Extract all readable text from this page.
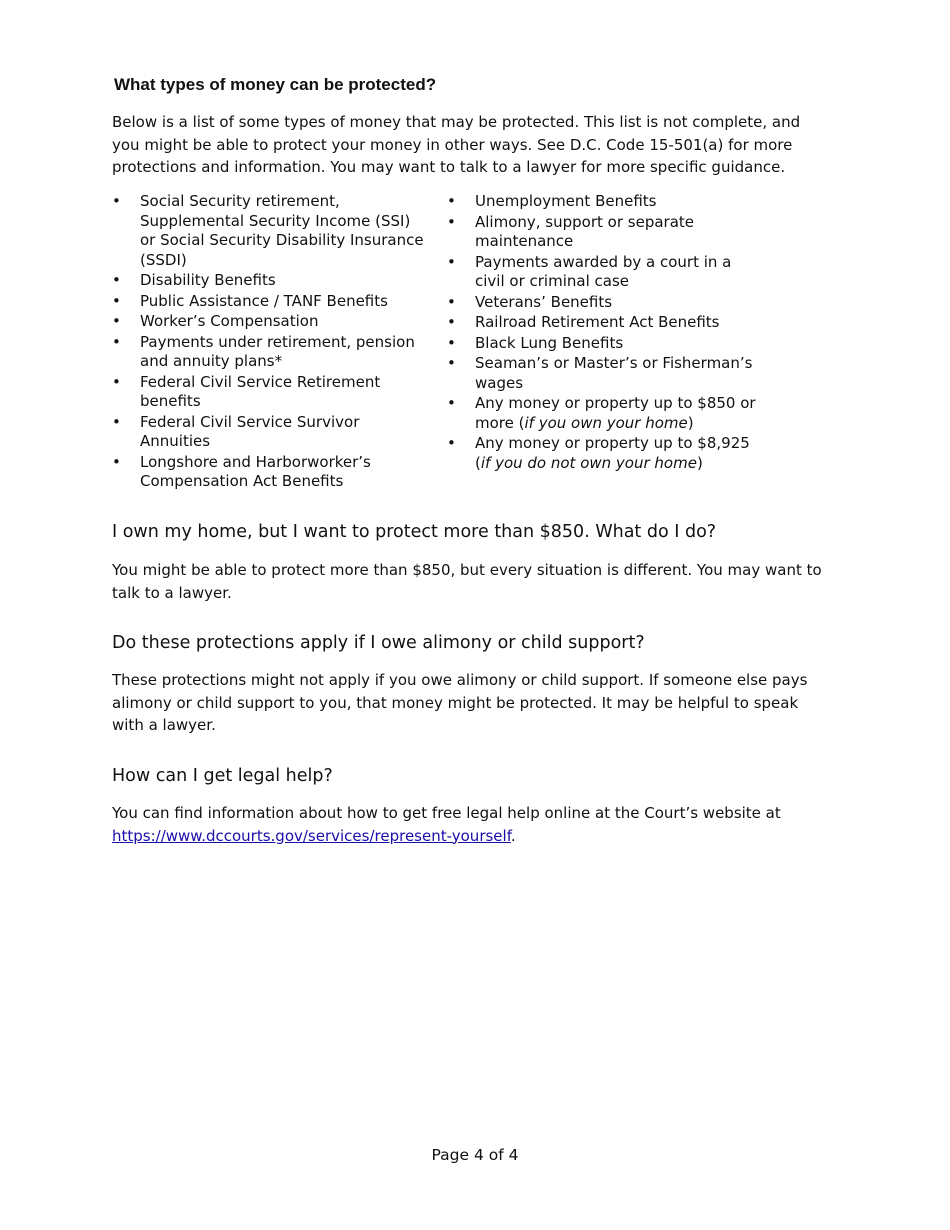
What types of money can be protected?

Below is a list of some types of money that may be protected. This list is not complete, and you might be able to protect your money in other ways. See D.C. Code 15-501(a) for more protections and information. You may want to talk to a lawyer for more specific guidance.

• Social Security retirement, Supplemental Security Income (SSI) or Social Security Disability Insurance (SSDI)
• Disability Benefits
• Public Assistance / TANF Benefits
• Worker’s Compensation
• Payments under retirement, pension and annuity plans*
• Federal Civil Service Retirement benefits
• Federal Civil Service Survivor Annuities
• Longshore and Harborworker’s Compensation Act Benefits
• Unemployment Benefits
• Alimony, support or separate maintenance
• Payments awarded by a court in a civil or criminal case
• Veterans’ Benefits
• Railroad Retirement Act Benefits
• Black Lung Benefits
• Seaman’s or Master’s or Fisherman’s wages
• Any money or property up to $850 or more (if you own your home)
• Any money or property up to $8,925 (if you do not own your home)
I own my home, but I want to protect more than $850. What do I do?

You might be able to protect more than $850, but every situation is different. You may want to talk to a lawyer.

Do these protections apply if I owe alimony or child support?

These protections might not apply if you owe alimony or child support. If someone else pays alimony or child support to you, that money might be protected. It may be helpful to speak with a lawyer.

How can I get legal help?

You can find information about how to get free legal help online at the Court’s website at https://www.dccourts.gov/services/represent-yourself.

Page 4 of 4
